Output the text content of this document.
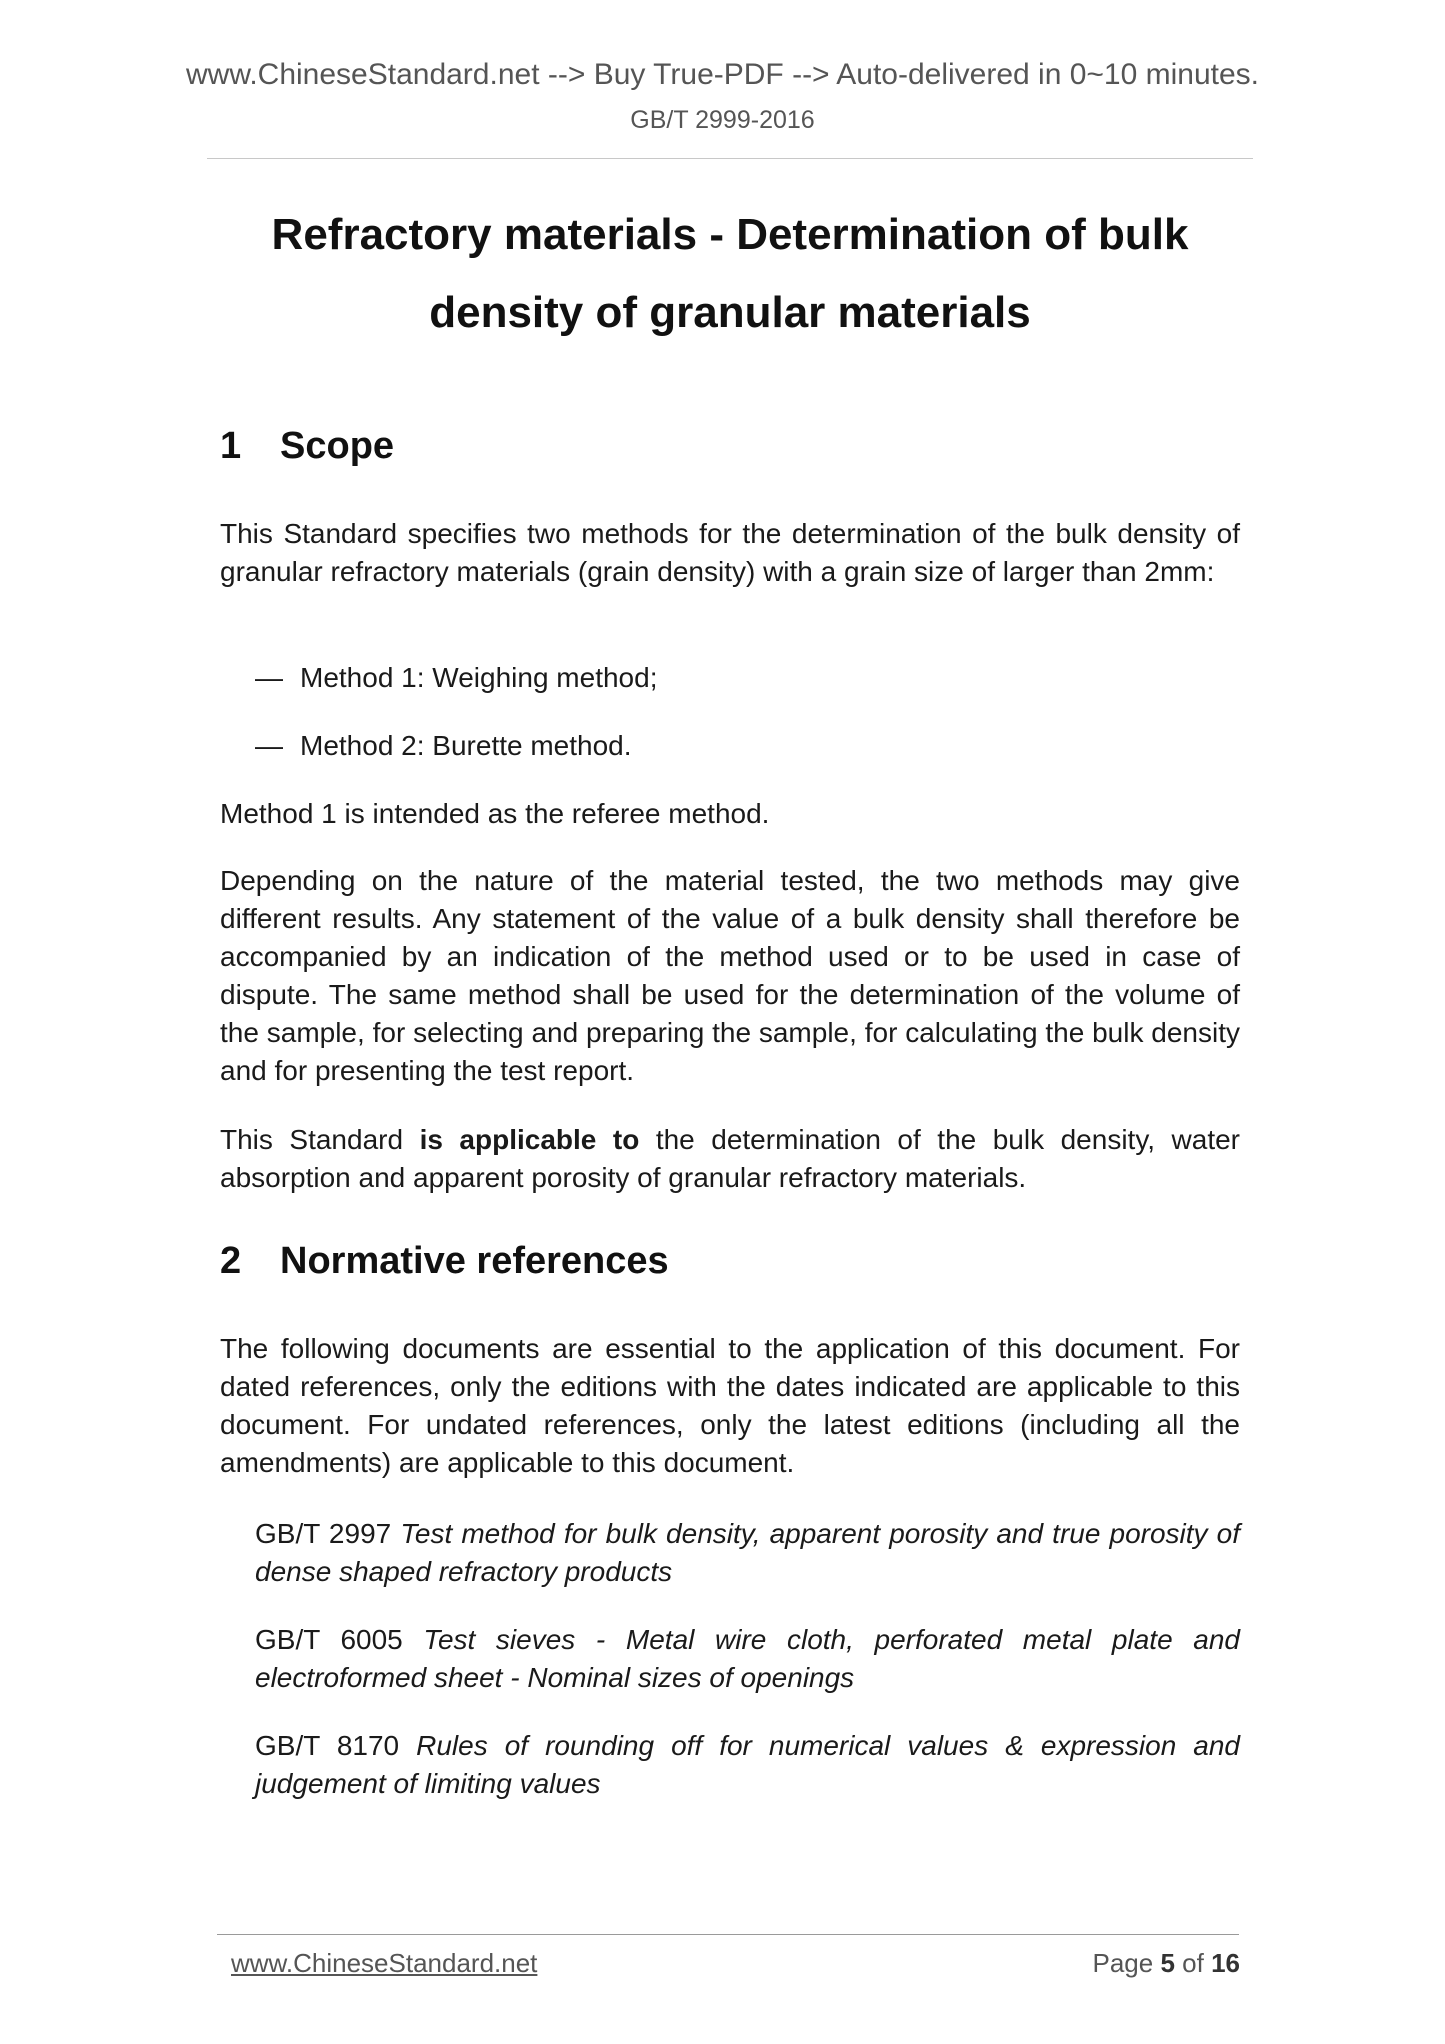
www.ChineseStandard.net --> Buy True-PDF --> Auto-delivered in 0~10 minutes.
GB/T 2999-2016
Refractory materials - Determination of bulk
density of granular materials
1 Scope

This Standard specifies two methods for the determination of the bulk density of granular refractory materials (grain density) with a grain size of larger than 2mm:

— Method 1: Weighing method;
— Method 2: Burette method.

Method 1 is intended as the referee method.

Depending on the nature of the material tested, the two methods may give different results. Any statement of the value of a bulk density shall therefore be accompanied by an indication of the method used or to be used in case of dispute. The same method shall be used for the determination of the volume of the sample, for selecting and preparing the sample, for calculating the bulk density and for presenting the test report.

This Standard is applicable to the determination of the bulk density, water absorption and apparent porosity of granular refractory materials.

2 Normative references

The following documents are essential to the application of this document. For dated references, only the editions with the dates indicated are applicable to this document. For undated references, only the latest editions (including all the amendments) are applicable to this document.

GB/T 2997 Test method for bulk density, apparent porosity and true porosity of dense shaped refractory products

GB/T 6005 Test sieves - Metal wire cloth, perforated metal plate and electroformed sheet - Nominal sizes of openings

GB/T 8170 Rules of rounding off for numerical values & expression and judgement of limiting values

www.ChineseStandard.net	Page 5 of 16
